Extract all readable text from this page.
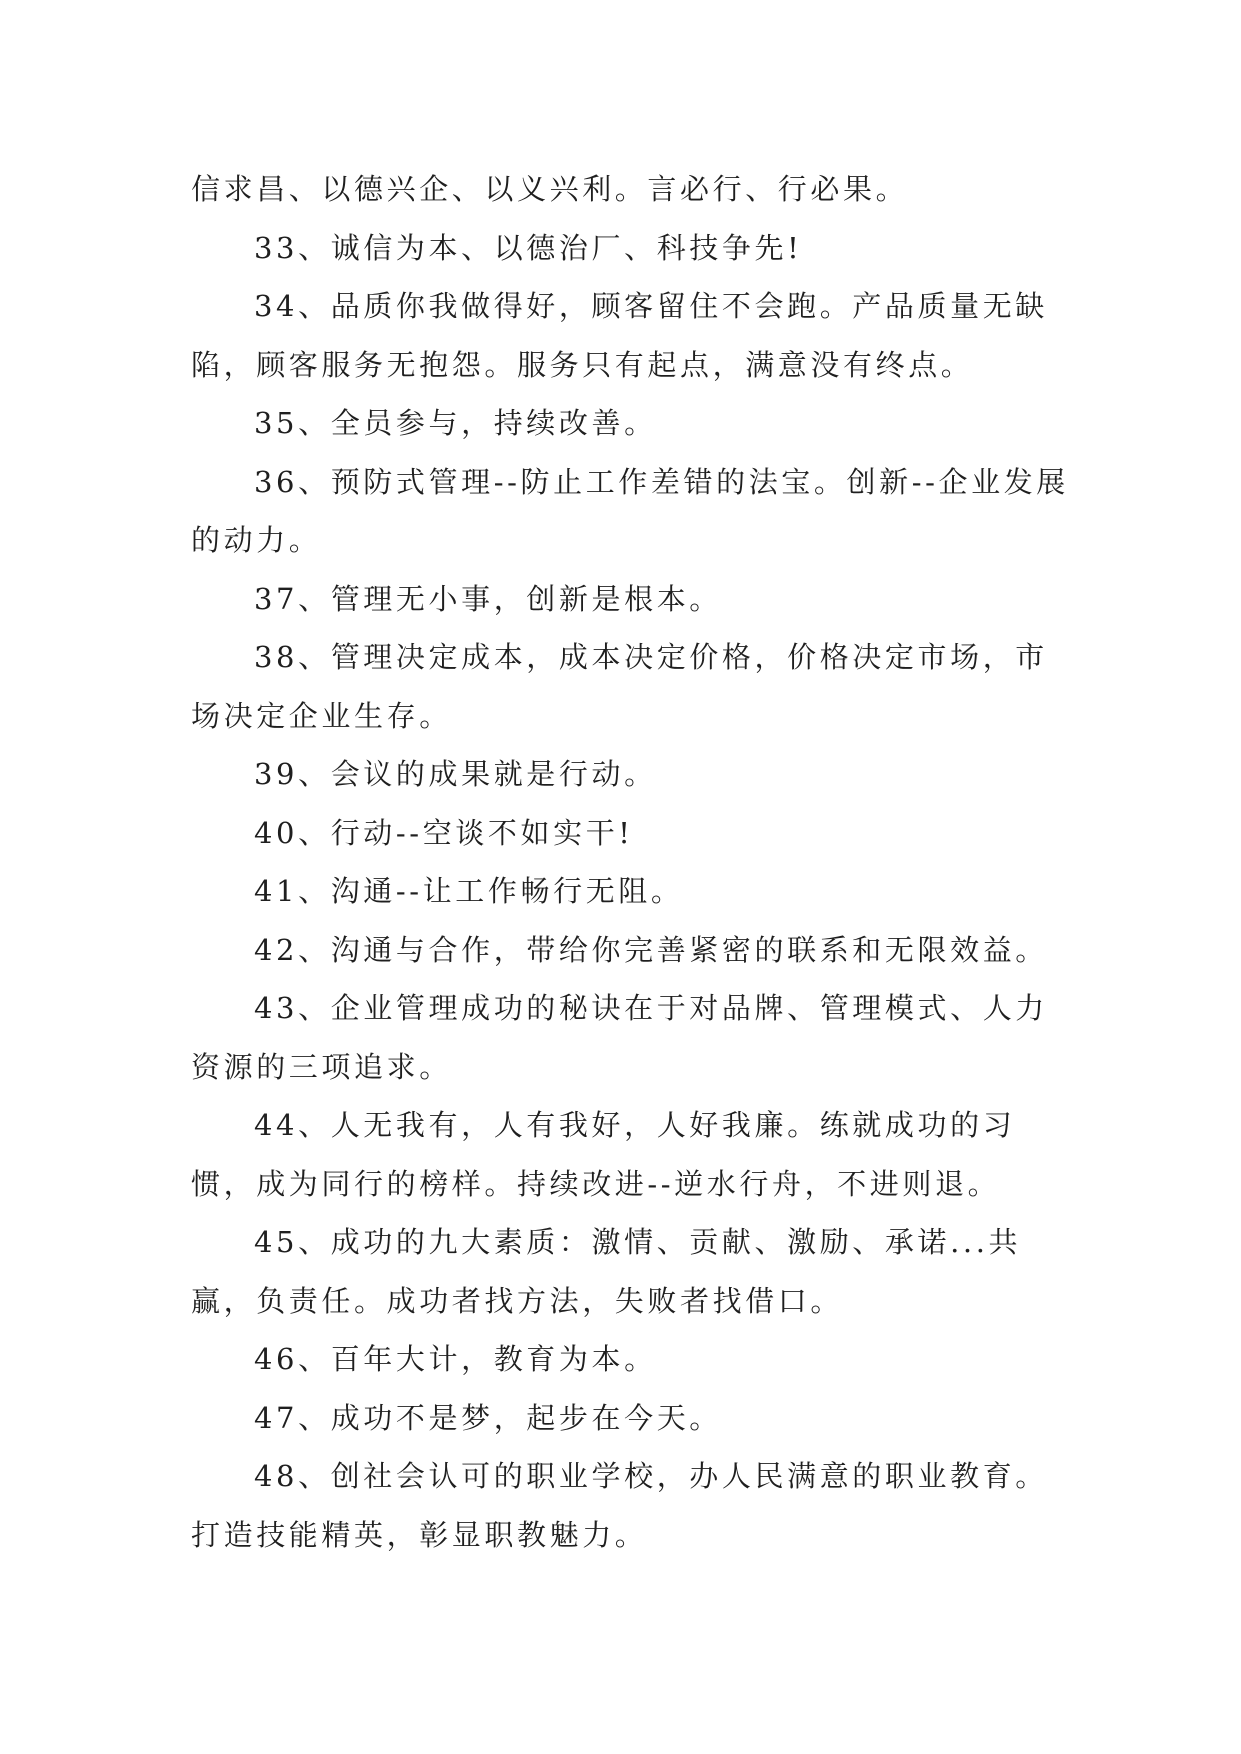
信求昌、以德兴企、以义兴利。言必行、行必果。

33、诚信为本、以德治厂、科技争先!

34、品质你我做得好，顾客留住不会跑。产品质量无缺陷，顾客服务无抱怨。服务只有起点，满意没有终点。

35、全员参与，持续改善。

36、预防式管理--防止工作差错的法宝。创新--企业发展的动力。

37、管理无小事，创新是根本。

38、管理决定成本，成本决定价格，价格决定市场，市场决定企业生存。

39、会议的成果就是行动。

40、行动--空谈不如实干!

41、沟通--让工作畅行无阻。

42、沟通与合作，带给你完善紧密的联系和无限效益。

43、企业管理成功的秘诀在于对品牌、管理模式、人力资源的三项追求。

44、人无我有，人有我好，人好我廉。练就成功的习惯，成为同行的榜样。持续改进--逆水行舟，不进则退。

45、成功的九大素质：激情、贡献、激励、承诺...共赢，负责任。成功者找方法，失败者找借口。

46、百年大计，教育为本。

47、成功不是梦，起步在今天。

48、创社会认可的职业学校，办人民满意的职业教育。打造技能精英，彰显职教魅力。
